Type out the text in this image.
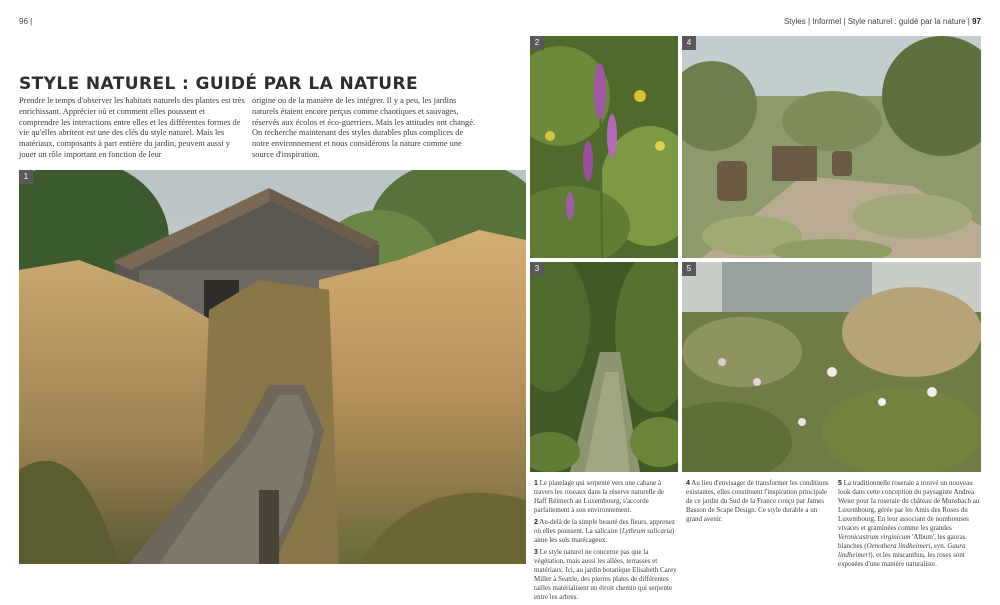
96 |	Styles | Informel | Style naturel : guidé par la nature | 97
STYLE NATUREL : GUIDÉ PAR LA NATURE

Prendre le temps d'observer les habitats naturels des plantes est très enrichissant. Apprécier où et comment elles poussent et comprendre les interactions entre elles et les différentes formes de vie qu'elles abritent est une des clés du style naturel. Mais les matériaux, composants à part entière du jardin, peuvent aussi y jouer un rôle important en fonction de leur

origine ou de la manière de les intégrer. Il y a peu, les jardins naturels étaient encore perçus comme chaotiques et sauvages, réservés aux écolos et éco-guerriers. Mais les attitudes ont changé. On recherche maintenant des styles durables plus complices de notre environnement et nous considérons la nature comme une source d'inspiration.

1
2	4
3	5

1 Le platelage qui serpente vers une cabane à travers les roseaux dans la réserve naturelle de Haff Réimech au Luxembourg, s'accorde parfaitement à son environnement.

2 Au-delà de la simple beauté des fleurs, apprenez où elles poussent. La salicaire (Lythrum salicaria) aime les sols marécageux.

3 Le style naturel ne concerne pas que la végétation, mais aussi les allées, terrasses et matériaux. Ici, au jardin botanique Elisabeth Carey Miller à Seattle, des pierres plates de différentes tailles matérialisent un étroit chemin qui serpente entre les arbres.

4 Au lieu d'envisager de transformer les conditions existantes, elles constituent l'inspiration principale de ce jardin du Sud de la France conçu par James Basson de Scape Design. Ce style durable a un grand avenir.

5 La traditionnelle roseraie a trouvé un nouveau look dans cette conception du paysagiste Andrea Weier pour la roseraie du château de Munsbach au Luxembourg, gérée par les Amis des Roses du Luxembourg. En leur associant de nombreuses vivaces et graminées comme les grandes Veronicastrum virginicum 'Album', les gauras blanches (Oenothera lindheimeri, syn. Gaura lindheimeri), et les miscanthus, les roses sont exposées d'une manière naturaliste.
